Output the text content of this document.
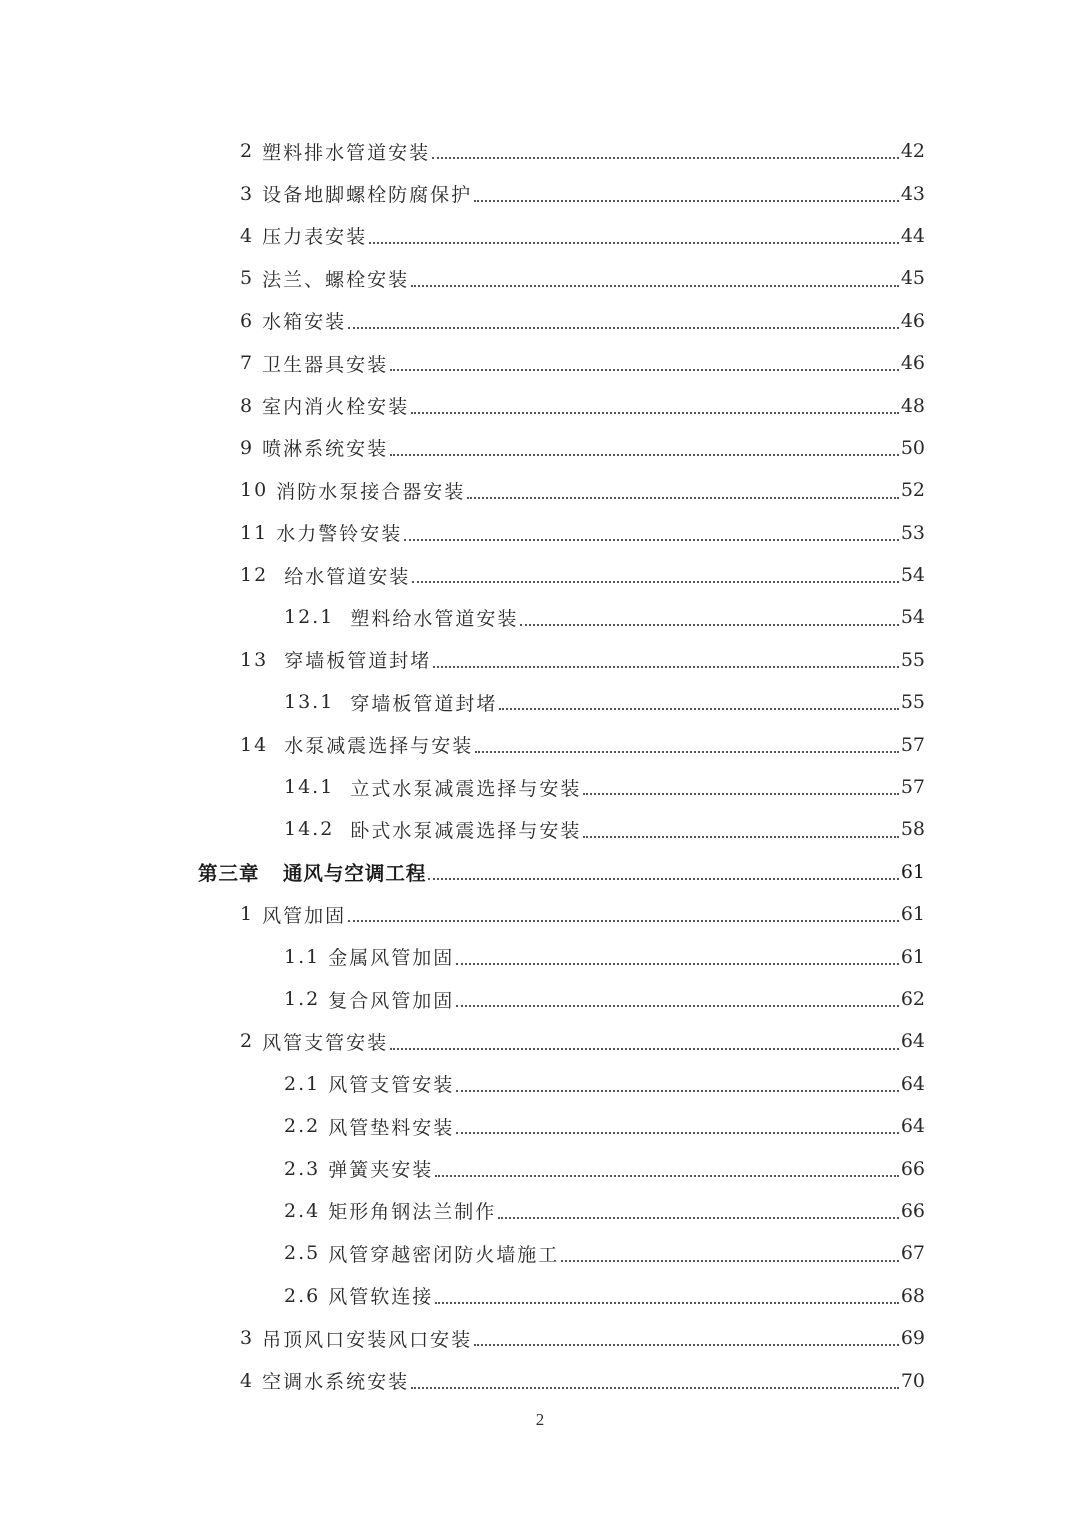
2 塑料排水管道安装	42
3 设备地脚螺栓防腐保护	43
4 压力表安装	44
5 法兰、螺栓安装	45
6 水箱安装	46
7 卫生器具安装	46
8 室内消火栓安装	48
9 喷淋系统安装	50
10 消防水泵接合器安装	52
11 水力警铃安装	53
12 给水管道安装	54
12.1 塑料给水管道安装	54
13 穿墙板管道封堵	55
13.1 穿墙板管道封堵	55
14 水泵减震选择与安装	57
14.1 立式水泵减震选择与安装	57
14.2 卧式水泵减震选择与安装	58
第三章 通风与空调工程	61
1 风管加固	61
1.1 金属风管加固	61
1.2 复合风管加固	62
2 风管支管安装	64
2.1 风管支管安装	64
2.2 风管垫料安装	64
2.3 弹簧夹安装	66
2.4 矩形角钢法兰制作	66
2.5 风管穿越密闭防火墙施工	67
2.6 风管软连接	68
3 吊顶风口安装风口安装	69
4 空调水系统安装	70
2
